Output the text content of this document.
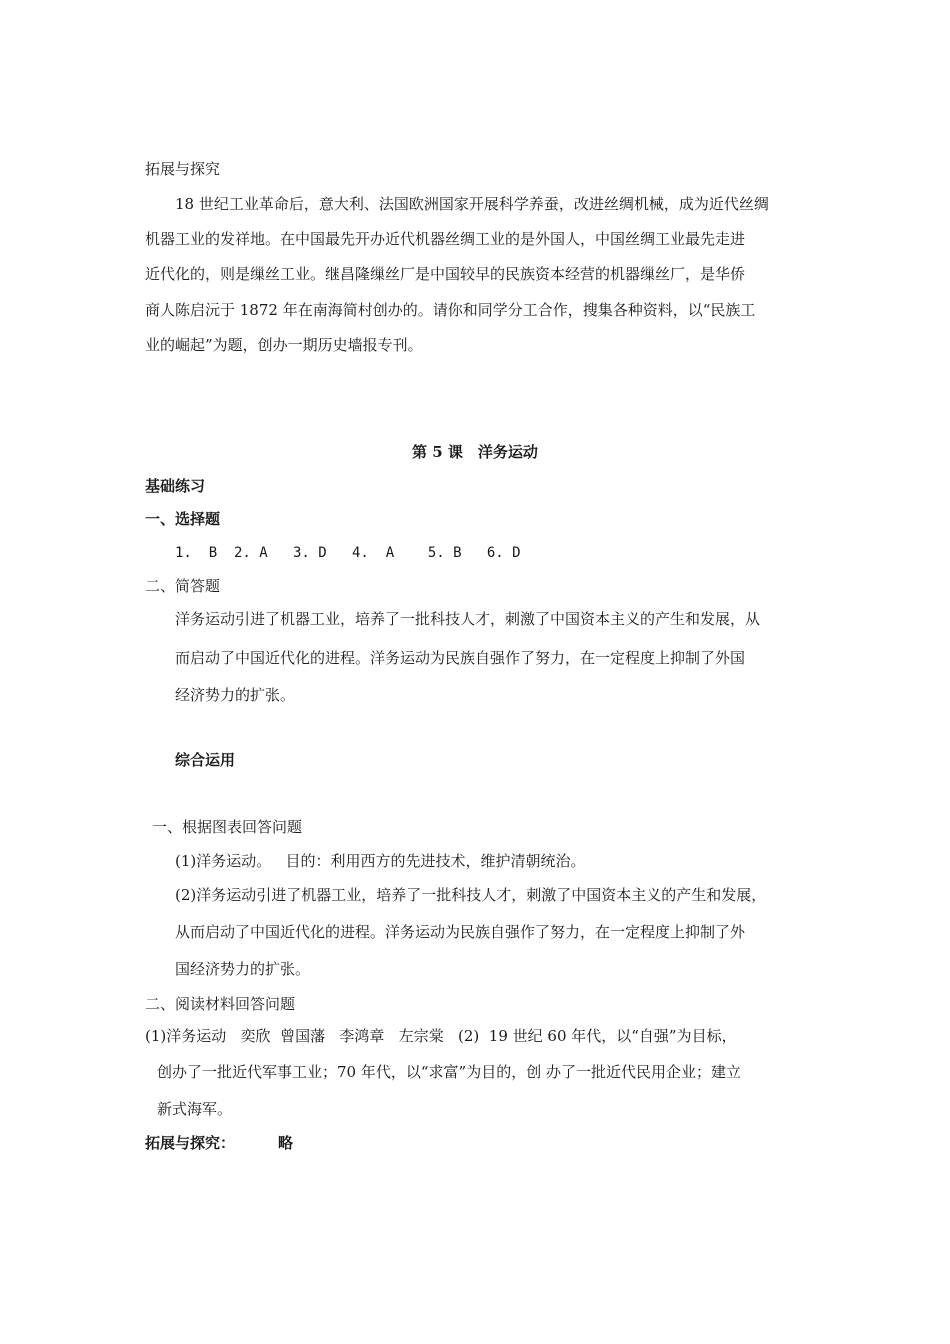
拓展与探究
18 世纪工业革命后，意大利、法国欧洲国家开展科学养蚕，改进丝绸机械，成为近代丝绸
机器工业的发祥地。在中国最先开办近代机器丝绸工业的是外国人，中国丝绸工业最先走进
近代化的，则是缫丝工业。继昌隆缫丝厂是中国较早的民族资本经营的机器缫丝厂，是华侨
商人陈启沅于 1872 年在南海简村创办的。请你和同学分工合作，搜集各种资料，以“民族工
业的崛起”为题，创办一期历史墙报专刊。
第 5 课　洋务运动
基础练习
一、选择题
1.  B  2. A   3. D   4.  A    5. B   6. D
二、简答题
洋务运动引进了机器工业，培养了一批科技人才，刺激了中国资本主义的产生和发展，从
而启动了中国近代化的进程。洋务运动为民族自强作了努力，在一定程度上抑制了外国
经济势力的扩张。
综合运用
一、根据图表回答问题
(1)洋务运动。   目的：利用西方的先进技术，维护清朝统治。
(2)洋务运动引进了机器工业，培养了一批科技人才，刺激了中国资本主义的产生和发展，
从而启动了中国近代化的进程。洋务运动为民族自强作了努力，在一定程度上抑制了外
国经济势力的扩张。
二、阅读材料回答问题
(1)洋务运动   奕欣  曾国藩   李鸿章   左宗棠   (2)  19 世纪 60 年代，以“自强”为目标，
创办了一批近代军事工业；70 年代，以“求富”为目的，创 办了一批近代民用企业；建立
新式海军。
拓展与探究：	略
